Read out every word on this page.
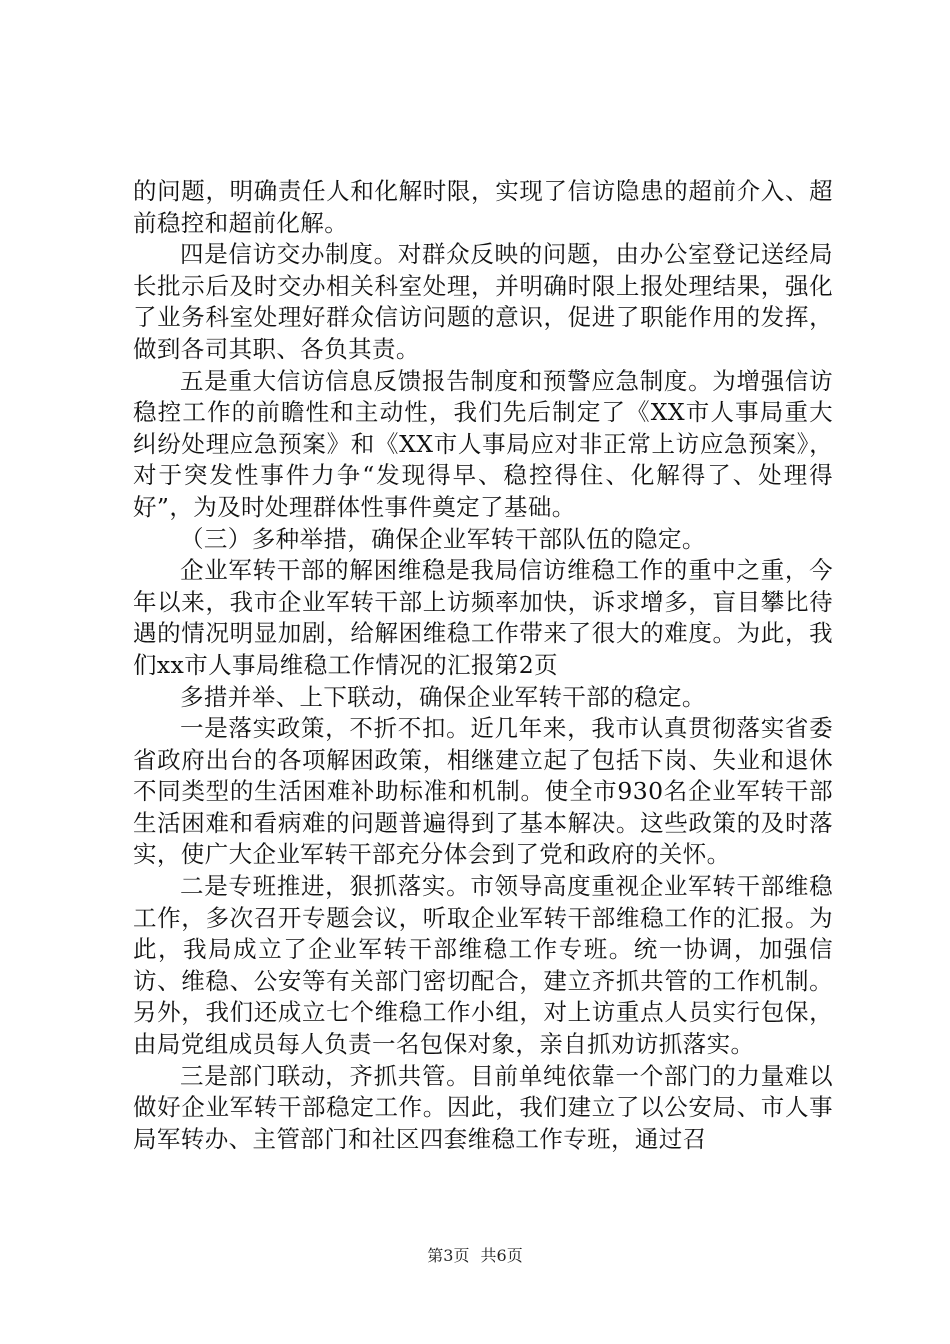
的问题，明确责任人和化解时限，实现了信访隐患的超前介入、超前稳控和超前化解。

四是信访交办制度。对群众反映的问题，由办公室登记送经局长批示后及时交办相关科室处理，并明确时限上报处理结果，强化了业务科室处理好群众信访问题的意识，促进了职能作用的发挥，做到各司其职、各负其责。

五是重大信访信息反馈报告制度和预警应急制度。为增强信访稳控工作的前瞻性和主动性，我们先后制定了《XX市人事局重大纠纷处理应急预案》和《XX市人事局应对非正常上访应急预案》，对于突发性事件力争“发现得早、稳控得住、化解得了、处理得好”，为及时处理群体性事件奠定了基础。

（三）多种举措，确保企业军转干部队伍的隐定。

企业军转干部的解困维稳是我局信访维稳工作的重中之重，今年以来，我市企业军转干部上访频率加快，诉求增多，盲目攀比待遇的情况明显加剧，给解困维稳工作带来了很大的难度。为此，我们xx市人事局维稳工作情况的汇报第2页

多措并举、上下联动，确保企业军转干部的稳定。

一是落实政策，不折不扣。近几年来，我市认真贯彻落实省委省政府出台的各项解困政策，相继建立起了包括下岗、失业和退休不同类型的生活困难补助标准和机制。使全市930名企业军转干部生活困难和看病难的问题普遍得到了基本解决。这些政策的及时落实，使广大企业军转干部充分体会到了党和政府的关怀。

二是专班推进，狠抓落实。市领导高度重视企业军转干部维稳工作，多次召开专题会议，听取企业军转干部维稳工作的汇报。为此，我局成立了企业军转干部维稳工作专班。统一协调，加强信访、维稳、公安等有关部门密切配合，建立齐抓共管的工作机制。另外，我们还成立七个维稳工作小组，对上访重点人员实行包保，由局党组成员每人负责一名包保对象，亲自抓劝访抓落实。

三是部门联动，齐抓共管。目前单纯依靠一个部门的力量难以做好企业军转干部稳定工作。因此，我们建立了以公安局、市人事局军转办、主管部门和社区四套维稳工作专班，通过召

第3页 共6页
